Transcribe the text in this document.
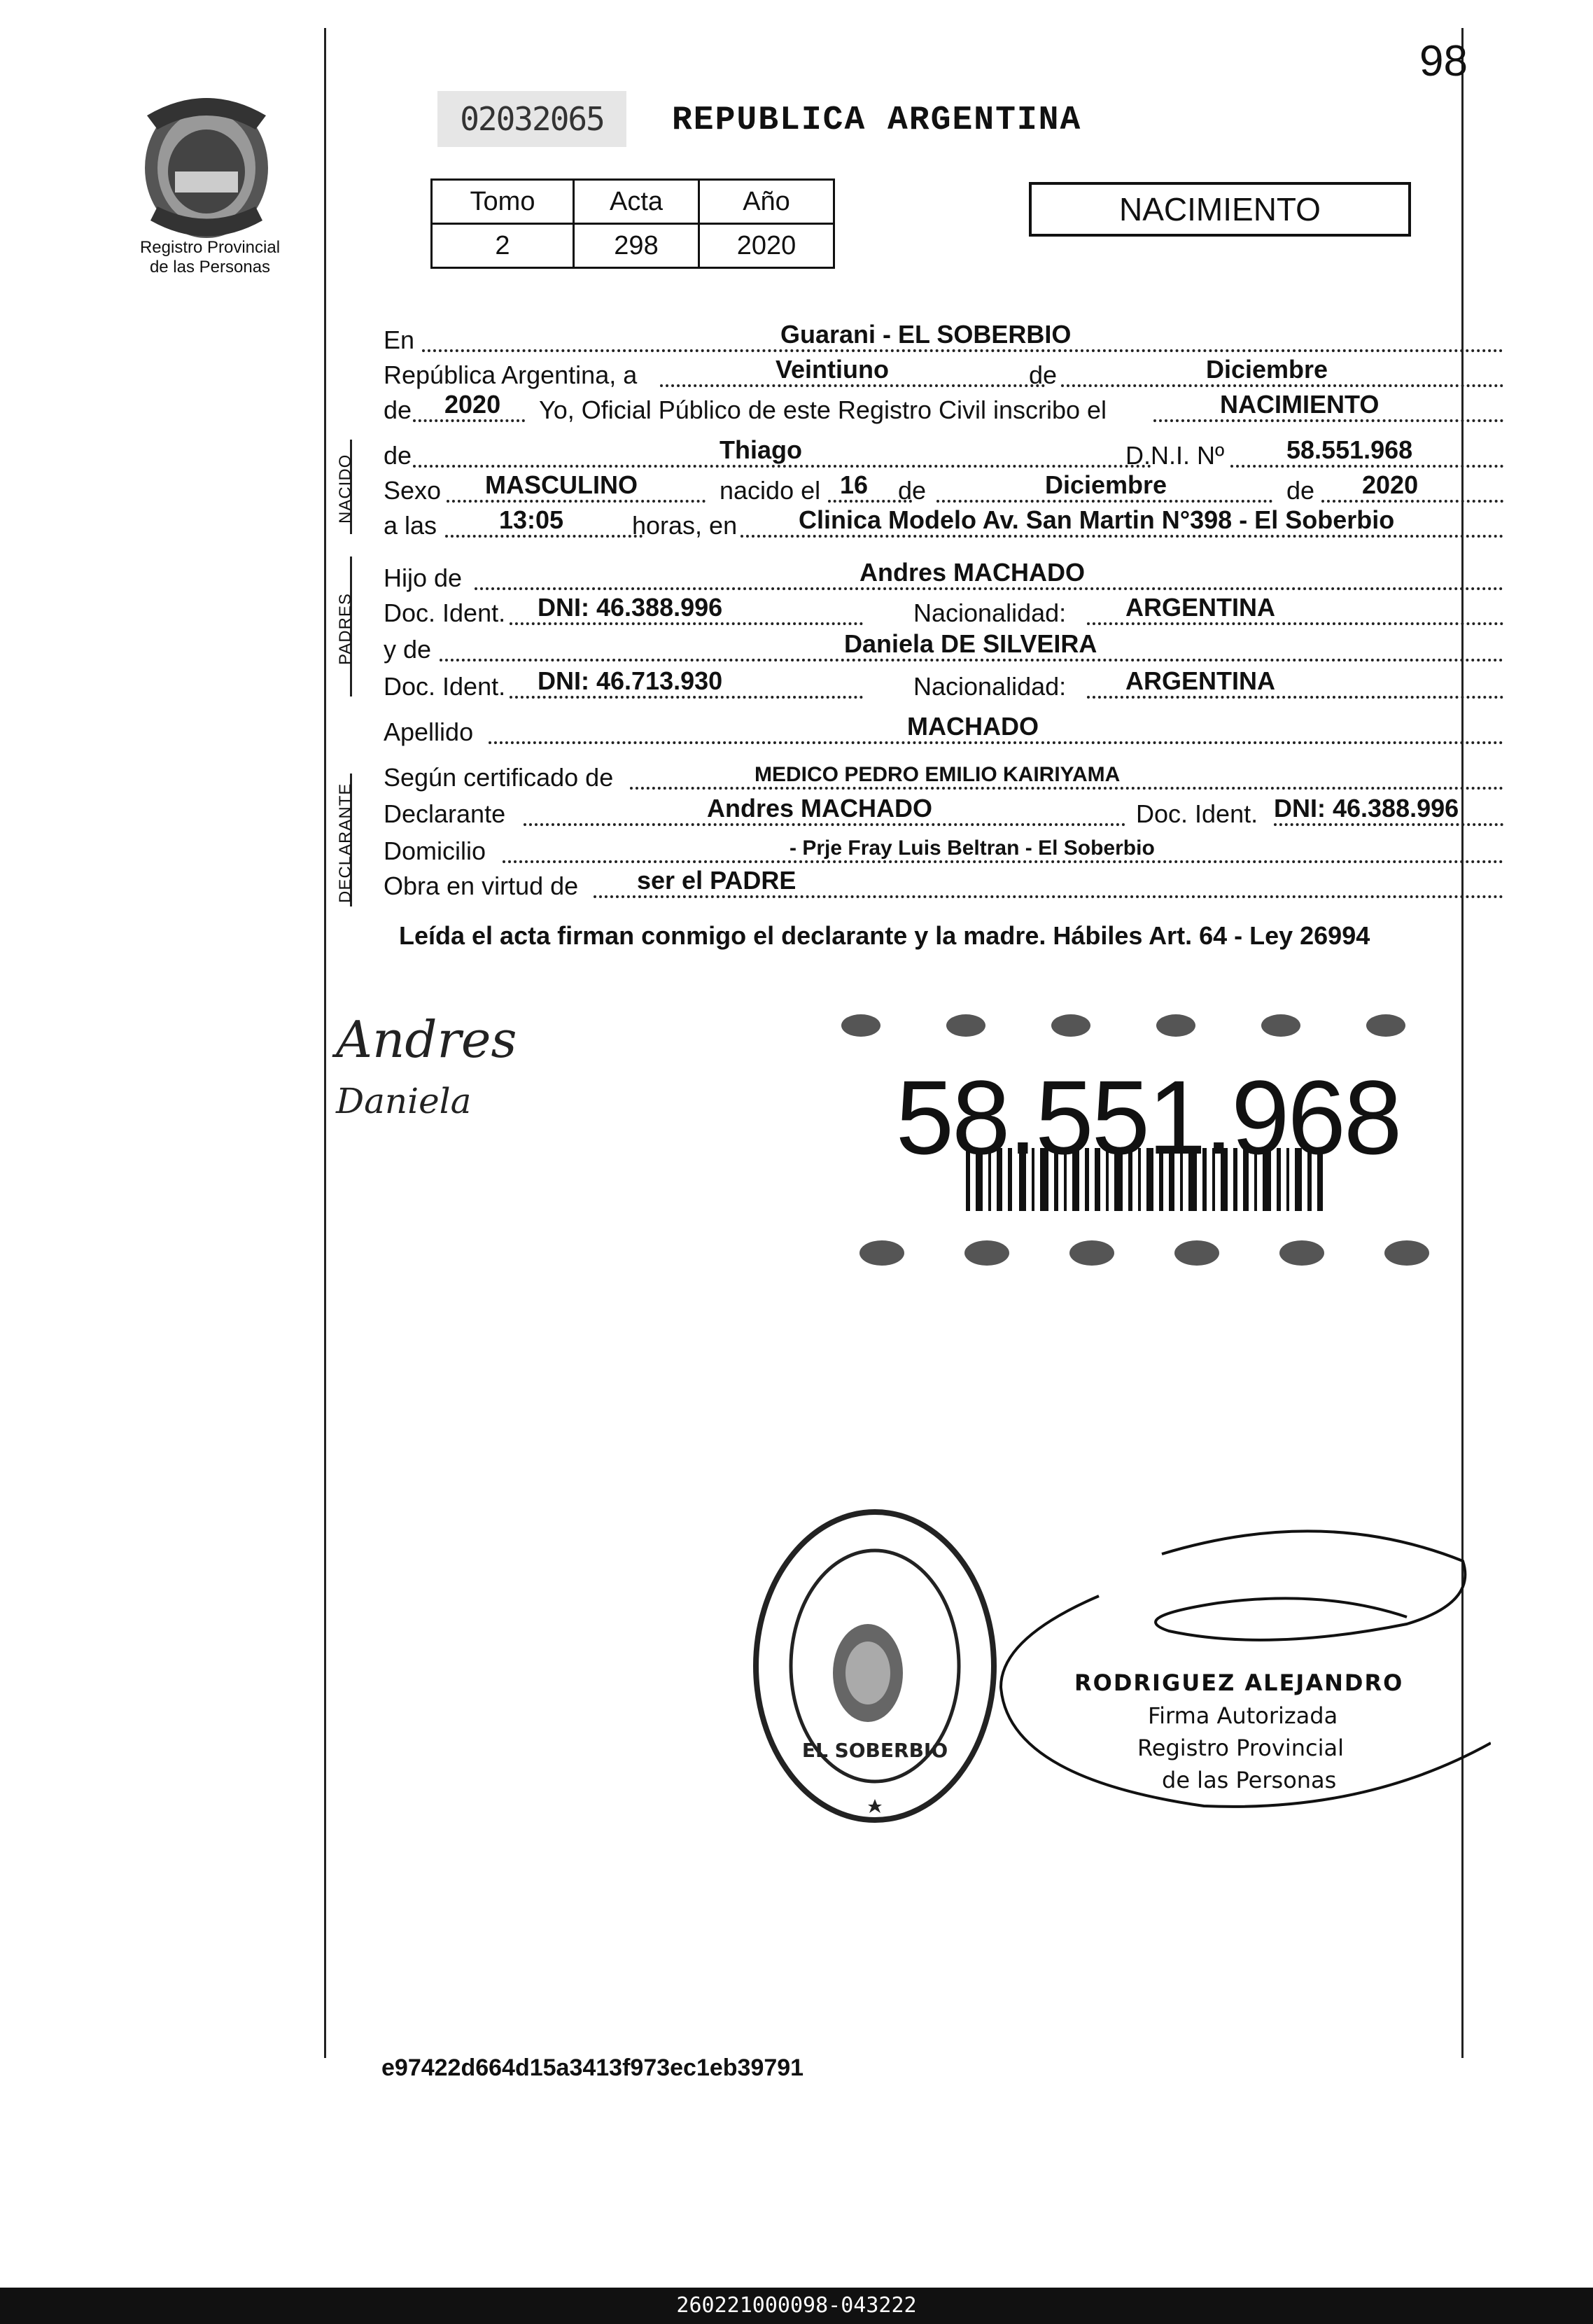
98
Registro Provincial
de las Personas
02032065	REPUBLICA ARGENTINA
Tomo	Acta	Año
2	298	2020
NACIMIENTO
En	Guarani - EL SOBERBIO
República Argentina, a	Veintiuno	de	Diciembre
de 2020 Yo, Oficial Público de este Registro Civil inscribo el	NACIMIENTO
NACIDO de	Thiago	D.N.I. Nº 58.551.968
Sexo MASCULINO	nacido el 16 de	Diciembre	de 2020
a las 13:05	horas, en Clinica Modelo Av. San Martin N°398 - El Soberbio
PADRES
Hijo de	Andres MACHADO
Doc. Ident. DNI: 46.388.996	Nacionalidad: ARGENTINA
y de	Daniela DE SILVEIRA
Doc. Ident. DNI: 46.713.930	Nacionalidad: ARGENTINA
Apellido	MACHADO
DECLARANTE
Según certificado de	MEDICO PEDRO EMILIO KAIRIYAMA
Declarante	Andres MACHADO	Doc. Ident. DNI: 46.388.996
Domicilio	- Prje Fray Luis Beltran - El Soberbio
Obra en virtud de ser el PADRE
Leída el acta firman conmigo el declarante y la madre. Hábiles Art. 64 - Ley 26994
Andres
Daniela	58.551.968
EL SOBERBIO
RODRIGUEZ ALEJANDRO
Firma Autorizada
Registro Provincial
de las Personas
e97422d664d15a3413f973ec1eb39791
260221000098-043222
